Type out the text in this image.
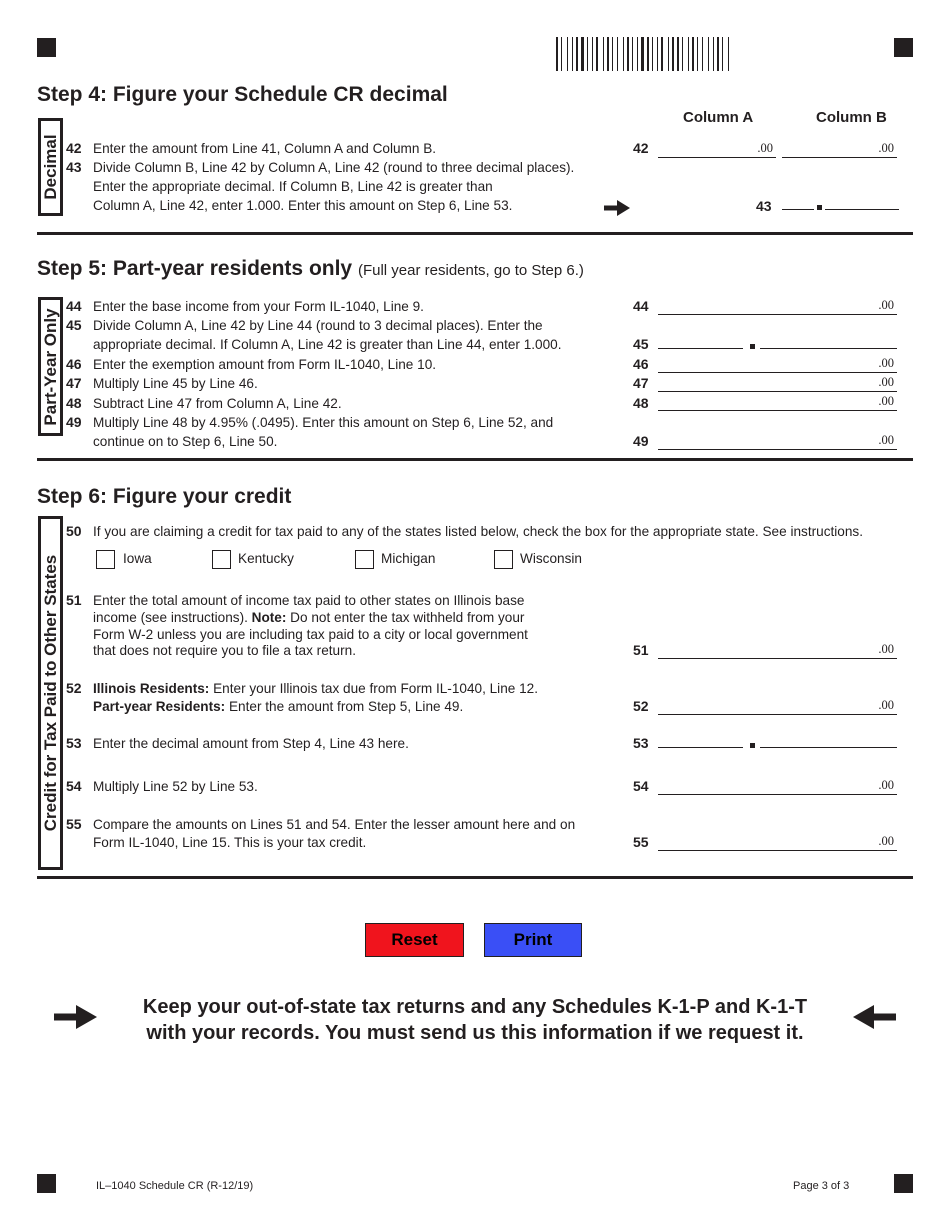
Step 4: Figure your Schedule CR decimal
Column A	Column B
Decimal 42 Enter the amount from Line 41, Column A and Column B.	42	.00	.00
43 Divide Column B, Line 42 by Column A, Line 42 (round to three decimal places).
Enter the appropriate decimal. If Column B, Line 42 is greater than
Column A, Line 42, enter 1.000. Enter this amount on Step 6, Line 53.	43
Step 5: Part-year residents only (Full year residents, go to Step 6.)
Part-Year Only
44 Enter the base income from your Form IL-1040, Line 9.	44	.00
45 Divide Column A, Line 42 by Line 44 (round to 3 decimal places). Enter the
appropriate decimal. If Column A, Line 42 is greater than Line 44, enter 1.000.	45
46 Enter the exemption amount from Form IL-1040, Line 10.	46	.00
47 Multiply Line 45 by Line 46.	47	.00
48 Subtract Line 47 from Column A, Line 42.	48	.00
49 Multiply Line 48 by 4.95% (.0495). Enter this amount on Step 6, Line 52, and
continue on to Step 6, Line 50.	49	.00
Step 6: Figure your credit
Credit for Tax Paid to Other States
50 If you are claiming a credit for tax paid to any of the states listed below, check the box for the appropriate state. See instructions.
Iowa	Kentucky	Michigan	Wisconsin
51 Enter the total amount of income tax paid to other states on Illinois base
income (see instructions). Note: Do not enter the tax withheld from your
Form W-2 unless you are including tax paid to a city or local government
that does not require you to file a tax return.	51	.00
52 Illinois Residents: Enter your Illinois tax due from Form IL-1040, Line 12.
Part-year Residents: Enter the amount from Step 5, Line 49.	52	.00
53 Enter the decimal amount from Step 4, Line 43 here.	53
54 Multiply Line 52 by Line 53.	54	.00
55 Compare the amounts on Lines 51 and 54. Enter the lesser amount here and on
Form IL-1040, Line 15. This is your tax credit.	55	.00
Reset	Print
Keep your out-of-state tax returns and any Schedules K-1-P and K-1-T
with your records. You must send us this information if we request it.
IL–1040 Schedule CR (R-12/19)	Page 3 of 3
